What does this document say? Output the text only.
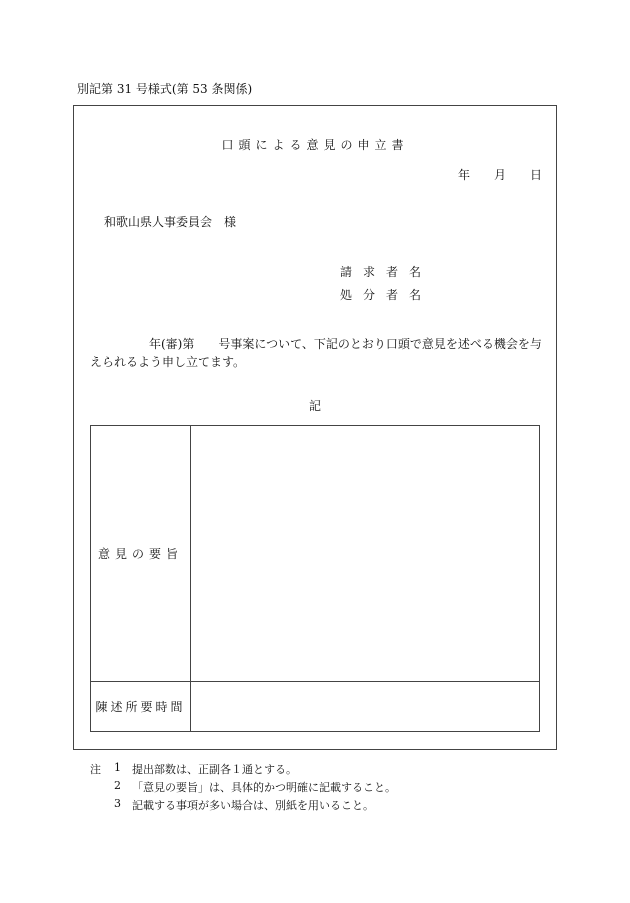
別記第 31 号様式(第 53 条関係)
口頭による意見の申立書
年 月 日
和歌山県人事委員会　様
請求者名
処分者名
年(審)第　　号事案について、下記のとおり口頭で意見を述べる機会を与
えられるよう申し立てます。
記
意見の要旨	
陳述所要時間	
注 1 提出部数は、正副各１通とする。
2 「意見の要旨」は、具体的かつ明確に記載すること。
3 記載する事項が多い場合は、別紙を用いること。
